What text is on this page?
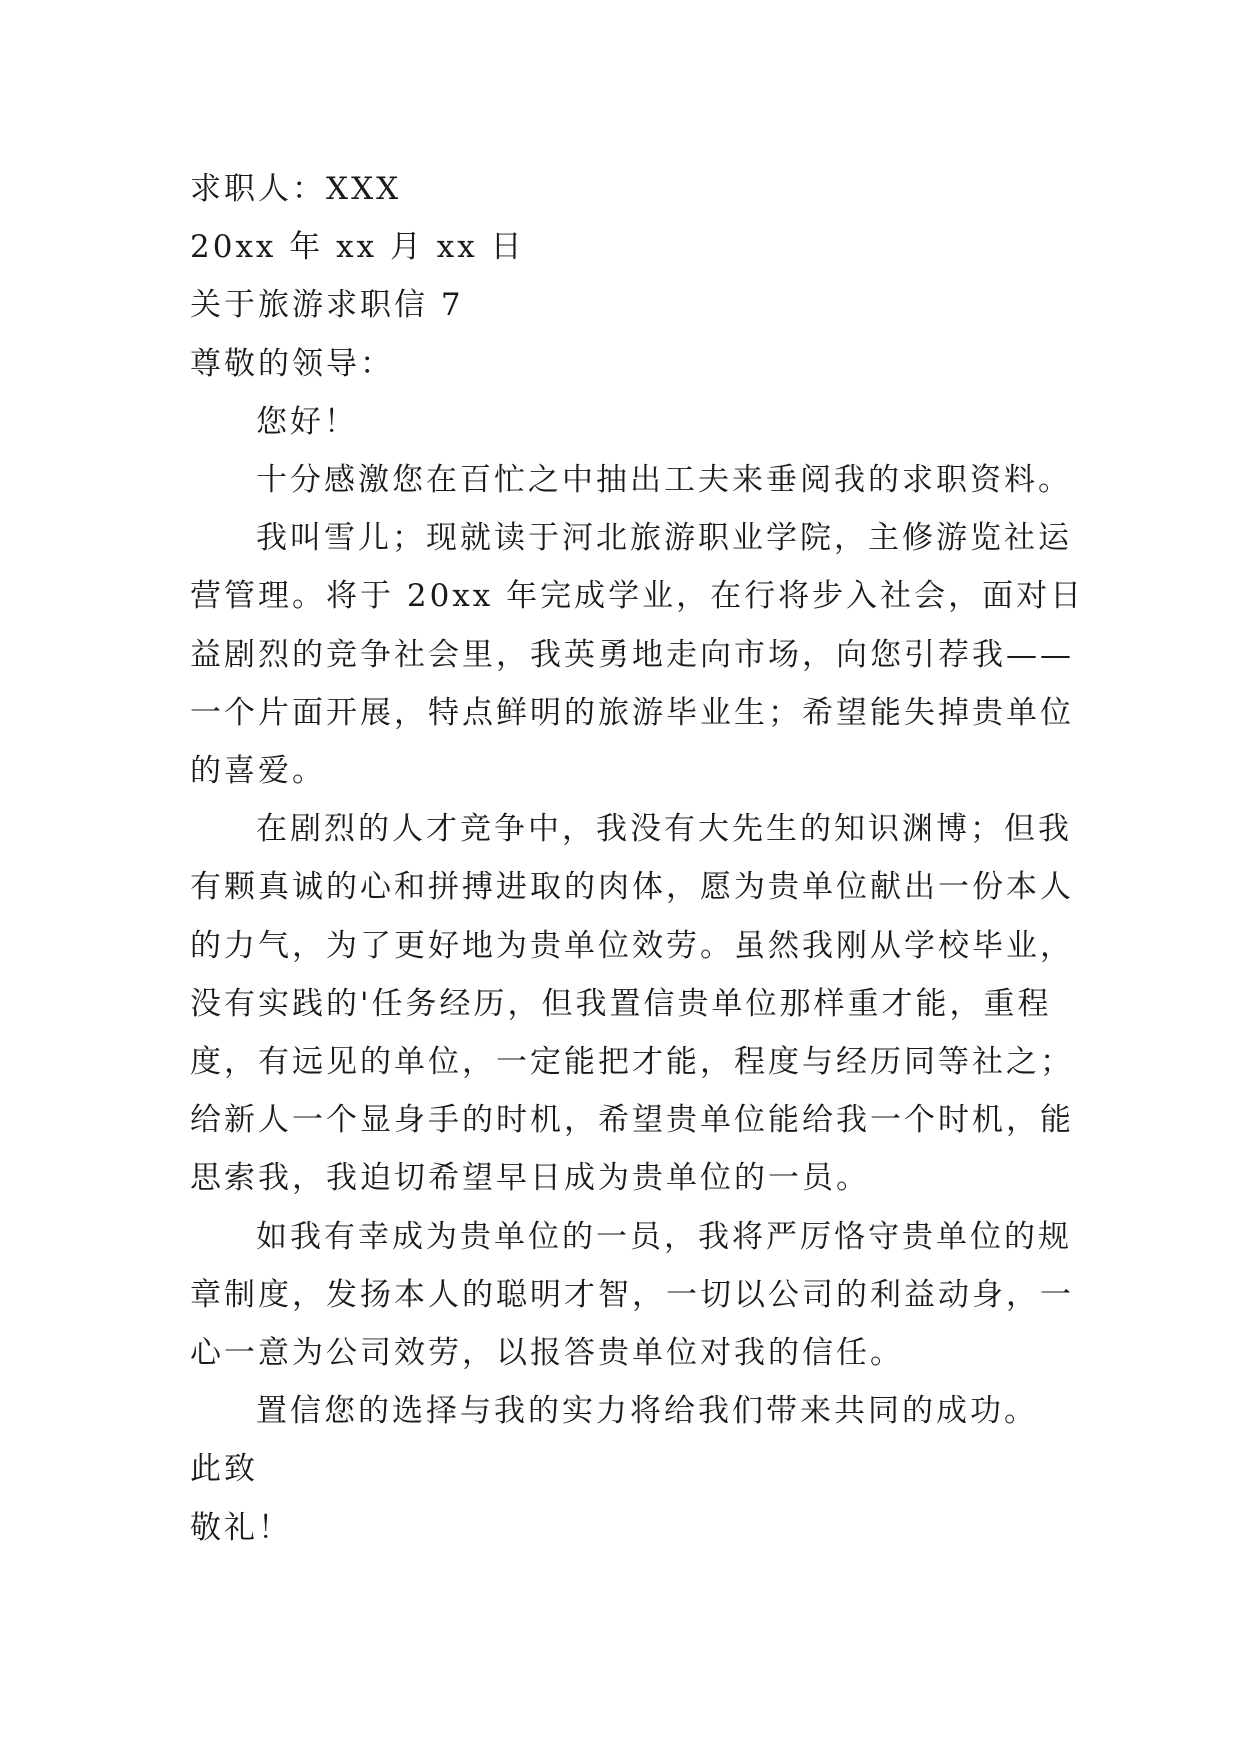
求职人：XXX

20xx 年 xx 月 xx 日

关于旅游求职信 7

尊敬的领导：

您好！

十分感激您在百忙之中抽出工夫来垂阅我的求职资料。

我叫雪儿；现就读于河北旅游职业学院，主修游览社运

营管理。将于 20xx 年完成学业，在行将步入社会，面对日

益剧烈的竞争社会里，我英勇地走向市场，向您引荐我——

一个片面开展，特点鲜明的旅游毕业生；希望能失掉贵单位

的喜爱。

在剧烈的人才竞争中，我没有大先生的知识渊博；但我

有颗真诚的心和拼搏进取的肉体，愿为贵单位献出一份本人

的力气，为了更好地为贵单位效劳。虽然我刚从学校毕业，

没有实践的'任务经历，但我置信贵单位那样重才能，重程

度，有远见的单位，一定能把才能，程度与经历同等社之；

给新人一个显身手的时机，希望贵单位能给我一个时机，能

思索我，我迫切希望早日成为贵单位的一员。

如我有幸成为贵单位的一员，我将严厉恪守贵单位的规

章制度，发扬本人的聪明才智，一切以公司的利益动身，一

心一意为公司效劳，以报答贵单位对我的信任。

置信您的选择与我的实力将给我们带来共同的成功。

此致

敬礼！
